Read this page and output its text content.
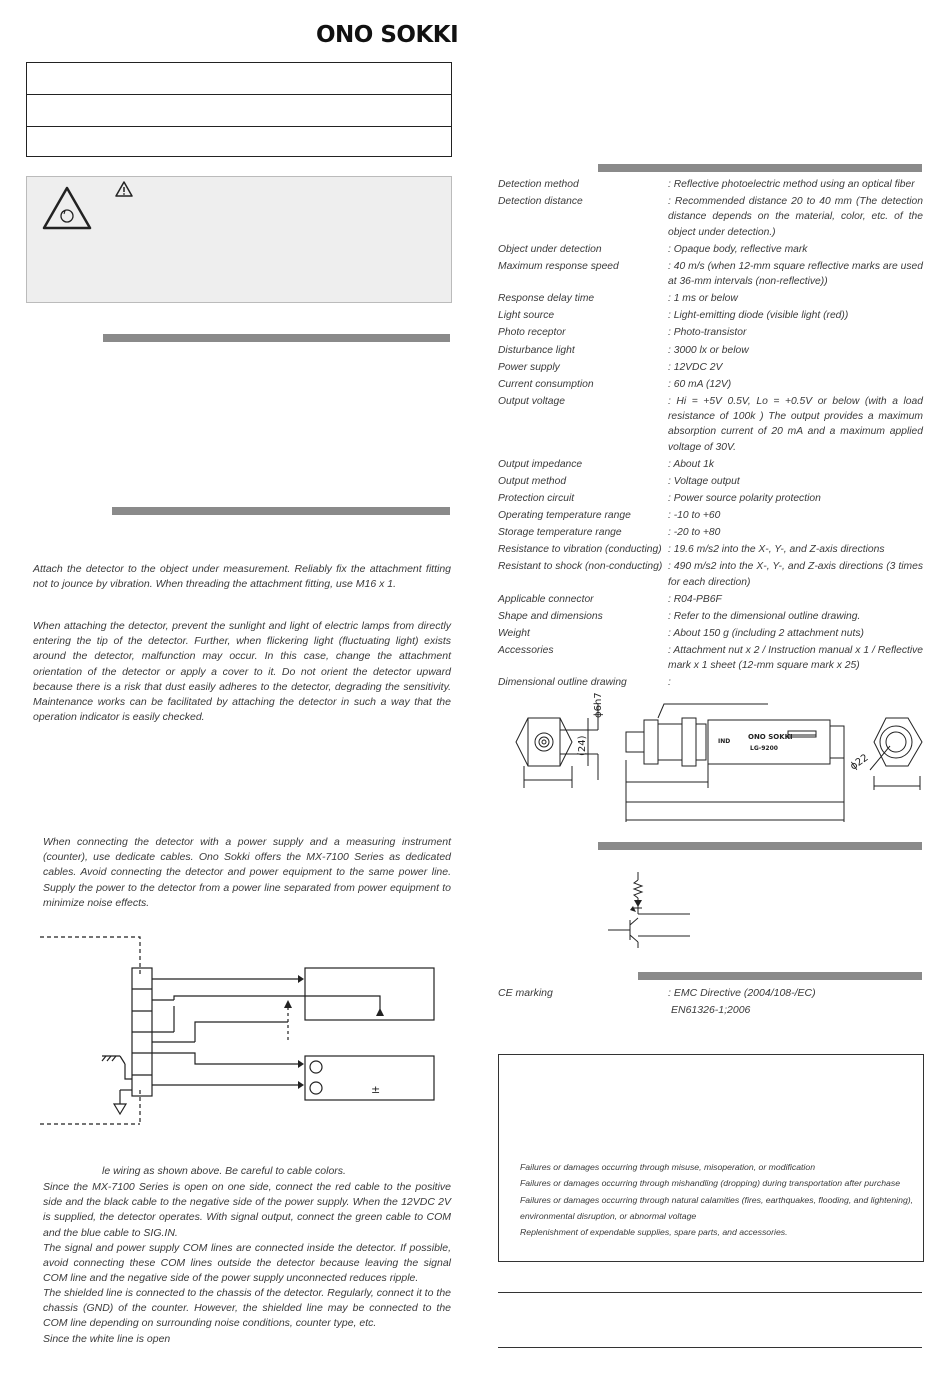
ONO SOKKI
Attach the detector to the object under measurement. Reliably fix the attachment fitting not to jounce by vibration. When threading the attachment fitting, use M16 x 1.
When attaching the detector, prevent the sunlight and light of electric lamps from directly entering the tip of the detector. Further, when flickering light (fluctuating light) exists around the detector, malfunction may occur. In this case, change the attachment orientation of the detector or apply a cover to it. Do not orient the detector upward because there is a risk that dust easily adheres to the detector, degrading the sensitivity. Maintenance works can be facilitated by attaching the detector in such a way that the operation indicator is easily checked.
When connecting the detector with a power supply and a measuring instrument (counter), use dedicate cables. Ono Sokki offers the MX-7100 Series as dedicated cables. Avoid connecting the detector and power equipment to the same power line. Supply the power to the detector from a power line separated from power equipment to minimize noise effects.
±
le wiring as shown above. Be careful to cable colors.
Since the MX-7100 Series is open on one side, connect the red cable to the positive side and the black cable to the negative side of the power supply. When the 12VDC 2V is supplied, the detector operates. With signal output, connect the green cable to COM and the blue cable to SIG.IN.
The signal and power supply COM lines are connected inside the detector. If possible, avoid connecting these COM lines outside the detector because leaving the signal COM line and the negative side of the power supply unconnected reduces ripple.
The shielded line is connected to the chassis of the detector. Regularly, connect it to the chassis (GND) of the counter. However, the shielded line may be connected to the COM line depending on surrounding noise conditions, counter type, etc.
Since the white line is open
Detection method	: Reflective photoelectric method using an optical fiber
Detection distance	: Recommended distance 20 to 40 mm (The detection distance depends on the material, color, etc. of the object under detection.)
Object under detection	: Opaque body, reflective mark
Maximum response speed	: 40 m/s (when 12-mm square reflective marks are used at 36-mm intervals (non-reflective))
Response delay time	: 1 ms or below
Light source	: Light-emitting diode (visible light (red))
Photo receptor	: Photo-transistor
Disturbance light	: 3000 lx or below
Power supply	: 12VDC 2V
Current consumption	: 60 mA (12V)
Output voltage	: Hi = +5V 0.5V, Lo = +0.5V or below (with a load resistance of 100k ) The output provides a maximum absorption current of 20 mA and a maximum applied voltage of 30V.
Output impedance	: About 1k
Output method	: Voltage output
Protection circuit	: Power source polarity protection
Operating temperature range	: -10 to +60
Storage temperature range	: -20 to +80
Resistance to vibration (conducting) : 19.6 m/s2 into the X-, Y-, and Z-axis directions
Resistant to shock (non-conducting) : 490 m/s2 into the X-, Y-, and Z-axis directions (3 times for each direction)
Applicable connector	: R04-PB6F
Shape and dimensions	: Refer to the dimensional outline drawing.
Weight	: About 150 g (including 2 attachment nuts)
Accessories	: Attachment nut x 2 / Instruction manual x 1 / Reflective mark x 1 sheet (12-mm square mark x 25)
Dimensional outline drawing	:
ϕ6h7
(24)	IND
ONO SOKKI
LG-9200
ϕ22
CE marking	: EMC Directive (2004/108-/EC)
EN61326-1;2006
Failures or damages occurring through misuse, misoperation, or modification
Failures or damages occurring through mishandling (dropping) during transportation after purchase
Failures or damages occurring through natural calamities (fires, earthquakes, flooding, and lightening), environmental disruption, or abnormal voltage
Replenishment of expendable supplies, spare parts, and accessories.
